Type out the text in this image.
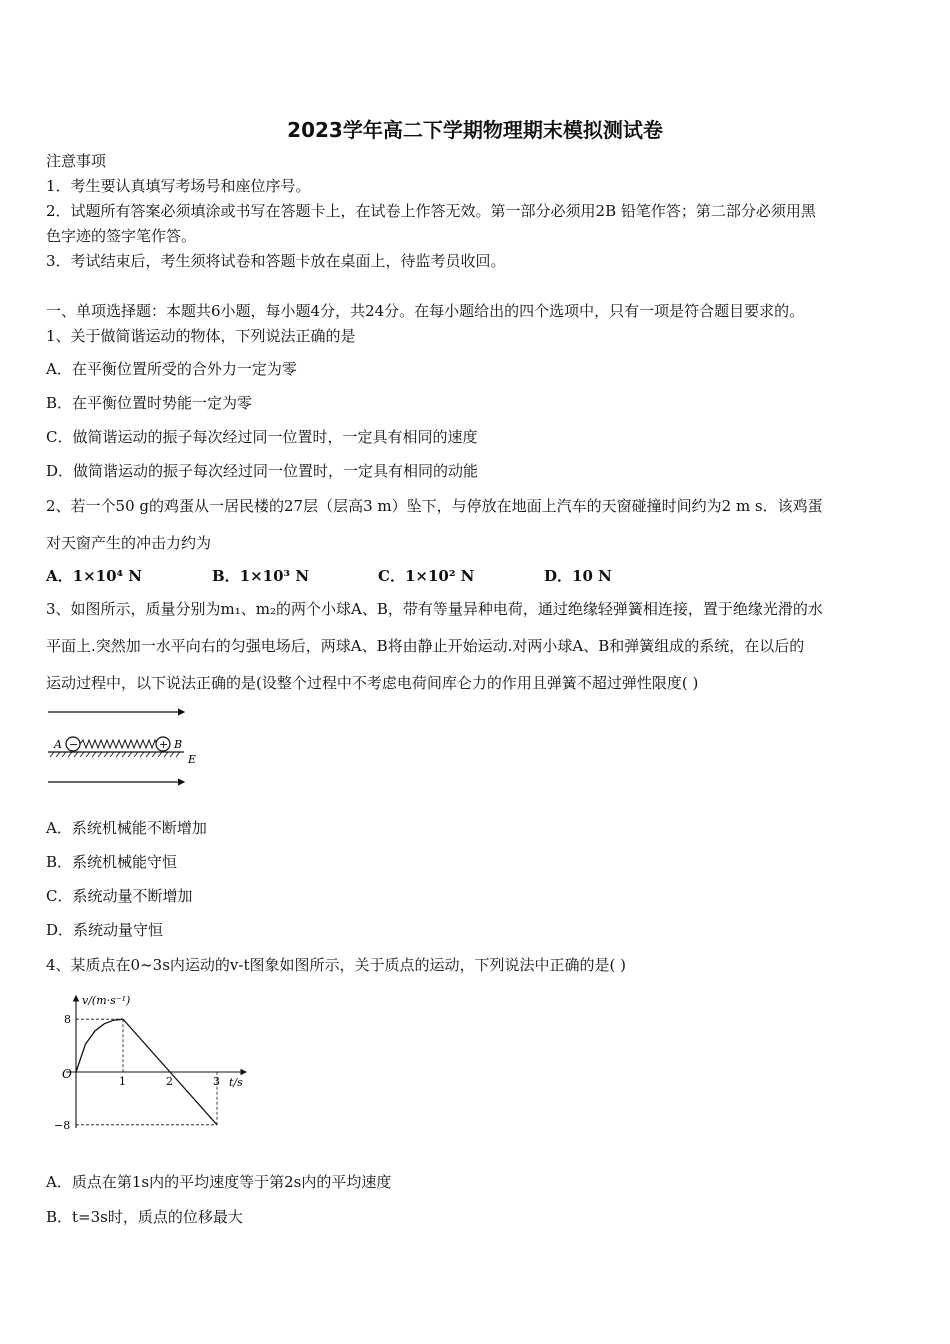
2023学年高二下学期物理期末模拟测试卷
注意事项
1．考生要认真填写考场号和座位序号。
2．试题所有答案必须填涂或书写在答题卡上，在试卷上作答无效。第一部分必须用2B 铅笔作答；第二部分必须用黑
色字迹的签字笔作答。
3．考试结束后，考生须将试卷和答题卡放在桌面上，待监考员收回。
一、单项选择题：本题共6小题，每小题4分，共24分。在每小题给出的四个选项中，只有一项是符合题目要求的。
1、关于做简谐运动的物体，下列说法正确的是
A．在平衡位置所受的合外力一定为零
B．在平衡位置时势能一定为零
C．做简谐运动的振子每次经过同一位置时，一定具有相同的速度
D．做简谐运动的振子每次经过同一位置时，一定具有相同的动能
2、若一个50 g的鸡蛋从一居民楼的27层（层高3 m）坠下，与停放在地面上汽车的天窗碰撞时间约为2 m s．该鸡蛋
对天窗产生的冲击力约为
A．1×10⁴ N	B．1×10³ N	C．1×10² N	D．10 N
3、如图所示，质量分别为m₁、m₂的两个小球A、B，带有等量异种电荷，通过绝缘轻弹簧相连接，置于绝缘光滑的水
平面上.突然加一水平向右的匀强电场后，两球A、B将由静止开始运动.对两小球A、B和弹簧组成的系统，在以后的
运动过程中，以下说法正确的是(设整个过程中不考虑电荷间库仑力的作用且弹簧不超过弹性限度( )
A −	+ B
E
A．系统机械能不断增加
B．系统机械能守恒
C．系统动量不断增加
D．系统动量守恒
4、某质点在0~3s内运动的v-t图象如图所示，关于质点的运动，下列说法中正确的是( )
v/(m·s⁻¹)
t/s
O
1	2	3
8
−8
A．质点在第1s内的平均速度等于第2s内的平均速度
B．t=3s时，质点的位移最大
